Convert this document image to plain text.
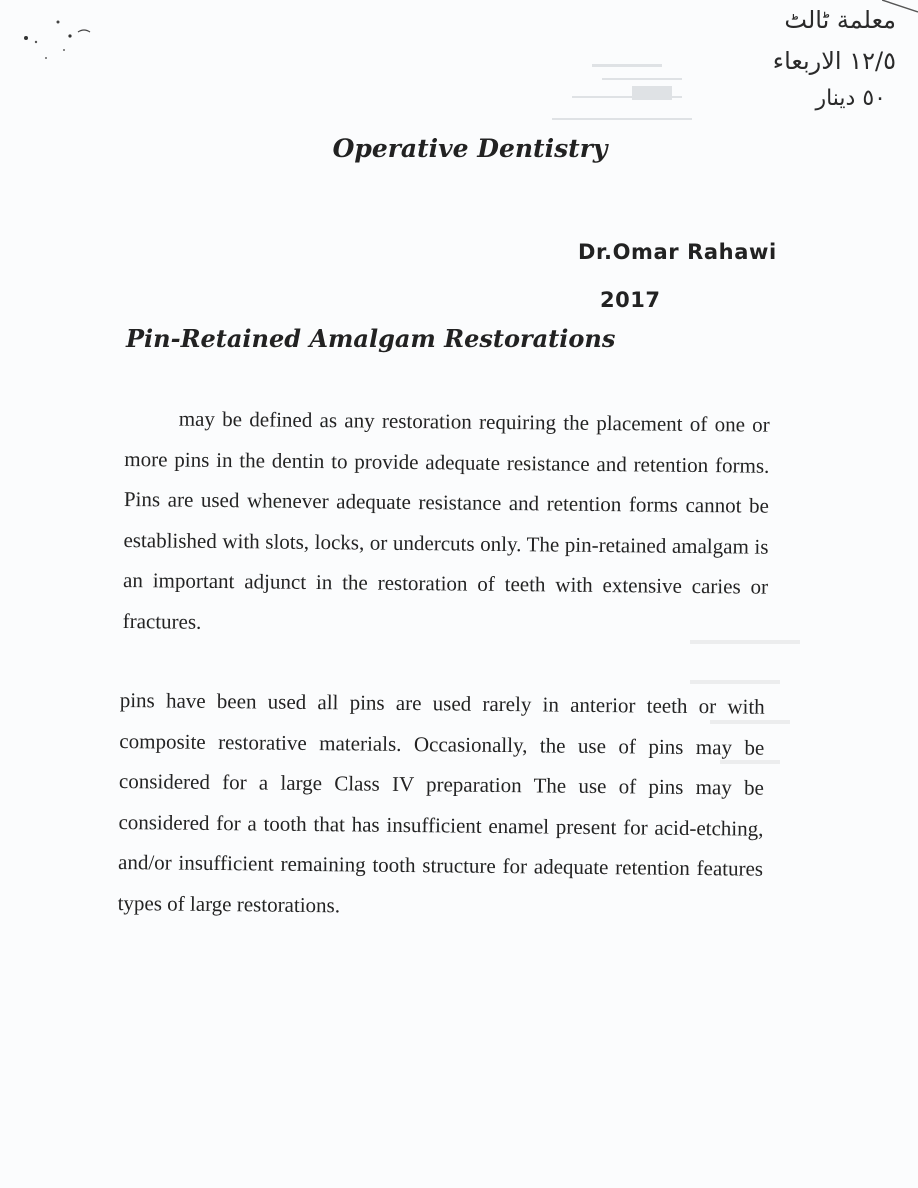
معلمة ٹالٹ
١٢/٥ الاربعاء
٥٠ دينار
Operative Dentistry
Dr.Omar Rahawi
2017
Pin-Retained Amalgam Restorations

may be defined as any restoration requiring the placement of one or more pins in the dentin to provide adequate resistance and retention forms. Pins are used whenever adequate resistance and retention forms cannot be established with slots, locks, or undercuts only. The pin-retained amalgam is an important adjunct in the restoration of teeth with extensive caries or fractures.

pins have been used all pins are used rarely in anterior teeth or with composite restorative materials. Occasionally, the use of pins may be considered for a large Class IV preparation The use of pins may be considered for a tooth that has insufficient enamel present for acid-etching, and/or insufficient remaining tooth structure for adequate retention features types of large restorations.
